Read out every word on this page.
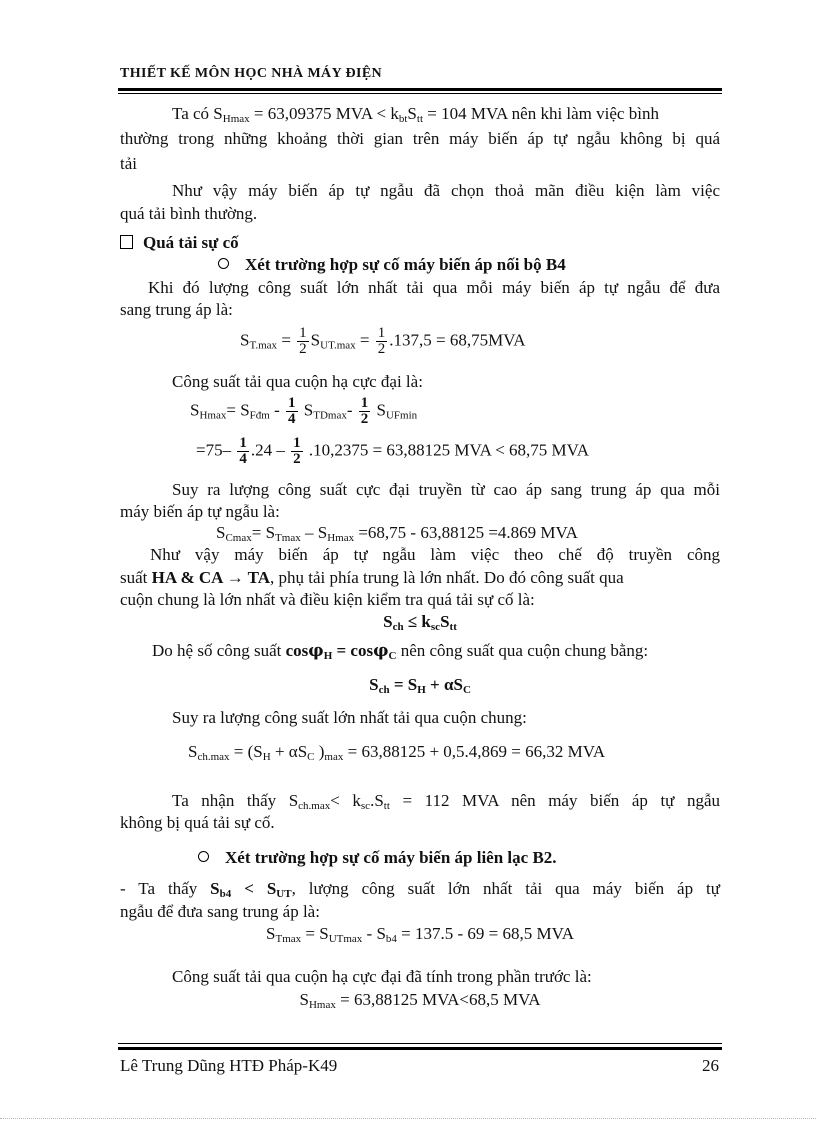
THIẾT KẾ MÔN HỌC NHÀ MÁY ĐIỆN
Ta có $S_{Hmax} = 63,09375$ MVA < $k_{bt}S_{tt} = 104$ MVA nên khi làm việc bình
thường trong những khoảng thời gian trên máy biến áp tự ngẫu không bị quá
tải
Như vậy máy biến áp tự ngẫu đã chọn thoả mãn điều kiện làm việc
quá tải bình thường.
Quá tải sự cố
Xét trường hợp sự cố máy biến áp nối bộ B4
Khi đó lượng công suất lớn nhất tải qua mỗi máy biến áp tự ngẫu để đưa
sang trung áp là:
$S_{T.max} = \frac{1}{2} S_{UT.max} = \frac{1}{2} .137,5 = 68,75MVA$
Công suất tải qua cuộn hạ cực đại là:
$S_{Hmax}= S_{Fđm} - \frac{1}{4} S_{TDmax}- \frac{1}{2} S_{UFmin}$
$=75- \frac{1}{4} .24 - \frac{1}{2} .10,2375 = 63,88125$ MVA < 68,75 MVA
Suy ra lượng công suất cực đại truyền từ cao áp sang trung áp qua mỗi
máy biến áp tự ngẫu là:
$S_{Cmax}= S_{Tmax} - S_{Hmax} =68,75 - 63,88125 =4.869$ MVA
Như vậy máy biến áp tự ngẫu làm việc theo chế độ truyền công
suất HA & CA → TA, phụ tải phía trung là lớn nhất. Do đó công suất qua
cuộn chung là lớn nhất và điều kiện kiểm tra quá tải sự cố là:
$S_{ch} \le k_{sc}S_{tt}$
Do hệ số công suất cosφ$_H$ = cosφ$_C$ nên công suất qua cuộn chung bằng:
$S_{ch} = S_H + \alpha S_C$
Suy ra lượng công suất lớn nhất tải qua cuộn chung:
$S_{ch.max} = (S_H + \alpha S_C$ )$_{max} = 63,88125 + 0,5.4,869 = 66,32$ MVA
Ta nhận thấy $S_{ch.max}< k_{sc}.S_{tt} = 112$ MVA nên máy biến áp tự ngẫu
không bị quá tải sự cố.
Xét trường hợp sự cố máy biến áp liên lạc B2.
- Ta thấy $S_{b4} < S_{UT}$, lượng công suất lớn nhất tải qua máy biến áp tự
ngẫu để đưa sang trung áp là:
$S_{Tmax} = S_{UTmax} - S_{b4} = 137.5 - 69 = 68,5$ MVA
Công suất tải qua cuộn hạ cực đại đã tính trong phần trước là:
$S_{Hmax} = 63,88125$ MVA<68,5 MVA
Lê Trung Dũng HTĐ Pháp-K49	26
